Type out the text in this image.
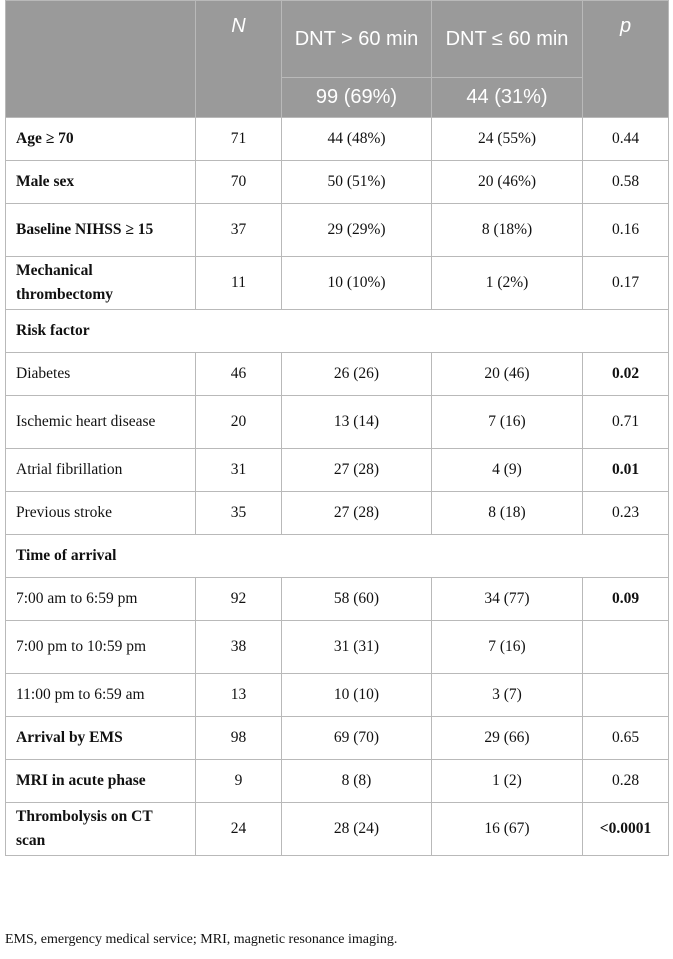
	N	DNT > 60 min	DNT ≤ 60 min	p
		99 (69%)	44 (31%)	
Age ≥ 70	71	44 (48%)	24 (55%)	0.44
Male sex	70	50 (51%)	20 (46%)	0.58
Baseline NIHSS ≥ 15	37	29 (29%)	8 (18%)	0.16
Mechanical thrombectomy	11	10 (10%)	1 (2%)	0.17
Risk factor				
Diabetes	46	26 (26)	20 (46)	0.02
Ischemic heart disease	20	13 (14)	7 (16)	0.71
Atrial fibrillation	31	27 (28)	4 (9)	0.01
Previous stroke	35	27 (28)	8 (18)	0.23
Time of arrival				
7:00 am to 6:59 pm	92	58 (60)	34 (77)	0.09
7:00 pm to 10:59 pm	38	31 (31)	7 (16)	
11:00 pm to 6:59 am	13	10 (10)	3 (7)	
Arrival by EMS	98	69 (70)	29 (66)	0.65
MRI in acute phase	9	8 (8)	1 (2)	0.28
Thrombolysis on CT scan	24	28 (24)	16 (67)	<0.0001
EMS, emergency medical service; MRI, magnetic resonance imaging.
